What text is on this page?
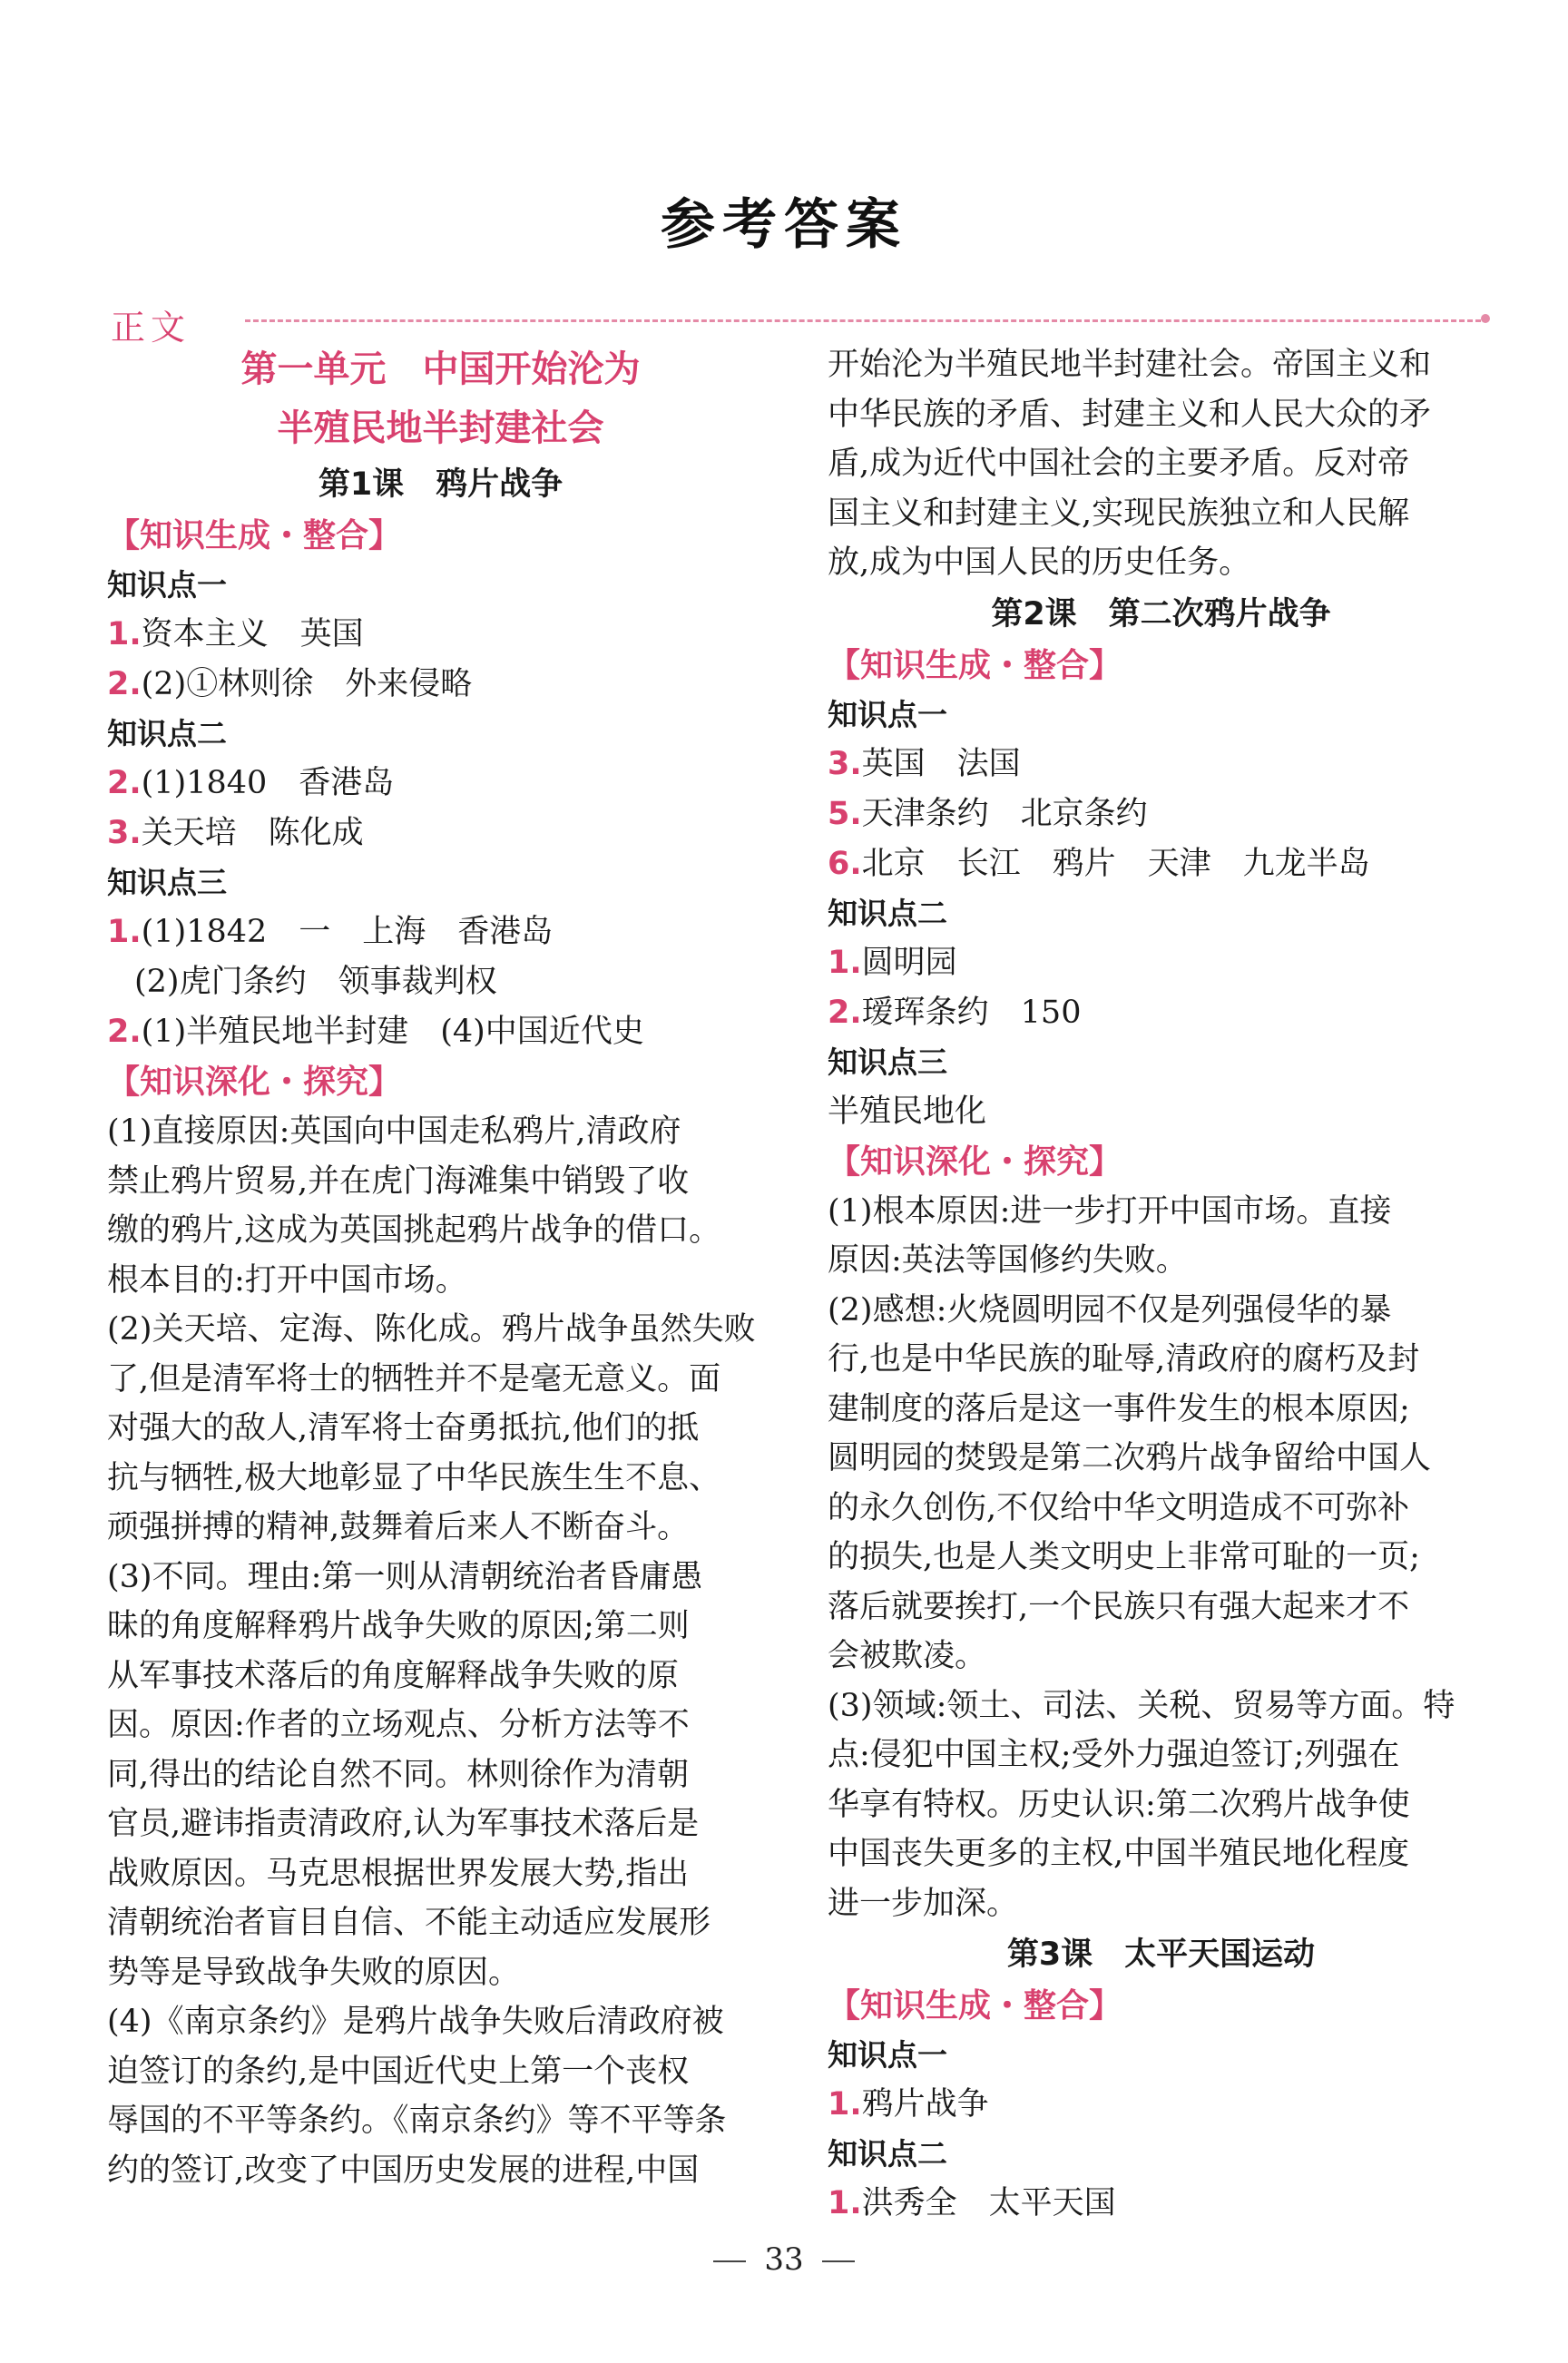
参考答案
正文
第一单元　中国开始沦为
半殖民地半封建社会
第1课　鸦片战争
【知识生成・整合】
知识点一
1.资本主义　英国
2.(2)①林则徐　外来侵略
知识点二
2.(1)1840　香港岛
3.关天培　陈化成
知识点三
1.(1)1842　一　上海　香港岛
(2)虎门条约　领事裁判权
2.(1)半殖民地半封建　(4)中国近代史
【知识深化・探究】
(1)直接原因:英国向中国走私鸦片,清政府
禁止鸦片贸易,并在虎门海滩集中销毁了收
缴的鸦片,这成为英国挑起鸦片战争的借口。
根本目的:打开中国市场。
(2)关天培、定海、陈化成。鸦片战争虽然失败
了,但是清军将士的牺牲并不是毫无意义。面
对强大的敌人,清军将士奋勇抵抗,他们的抵
抗与牺牲,极大地彰显了中华民族生生不息、
顽强拼搏的精神,鼓舞着后来人不断奋斗。
(3)不同。理由:第一则从清朝统治者昏庸愚
昧的角度解释鸦片战争失败的原因;第二则
从军事技术落后的角度解释战争失败的原
因。原因:作者的立场观点、分析方法等不
同,得出的结论自然不同。林则徐作为清朝
官员,避讳指责清政府,认为军事技术落后是
战败原因。马克思根据世界发展大势,指出
清朝统治者盲目自信、不能主动适应发展形
势等是导致战争失败的原因。
(4)《南京条约》是鸦片战争失败后清政府被
迫签订的条约,是中国近代史上第一个丧权
辱国的不平等条约。《南京条约》等不平等条
约的签订,改变了中国历史发展的进程,中国
开始沦为半殖民地半封建社会。帝国主义和
中华民族的矛盾、封建主义和人民大众的矛
盾,成为近代中国社会的主要矛盾。反对帝
国主义和封建主义,实现民族独立和人民解
放,成为中国人民的历史任务。
第2课　第二次鸦片战争
【知识生成・整合】
知识点一
3.英国　法国
5.天津条约　北京条约
6.北京　长江　鸦片　天津　九龙半岛
知识点二
1.圆明园
2.瑷珲条约　150
知识点三
半殖民地化
【知识深化・探究】
(1)根本原因:进一步打开中国市场。直接
原因:英法等国修约失败。
(2)感想:火烧圆明园不仅是列强侵华的暴
行,也是中华民族的耻辱,清政府的腐朽及封
建制度的落后是这一事件发生的根本原因;
圆明园的焚毁是第二次鸦片战争留给中国人
的永久创伤,不仅给中华文明造成不可弥补
的损失,也是人类文明史上非常可耻的一页;
落后就要挨打,一个民族只有强大起来才不
会被欺凌。
(3)领域:领土、司法、关税、贸易等方面。特
点:侵犯中国主权;受外力强迫签订;列强在
华享有特权。历史认识:第二次鸦片战争使
中国丧失更多的主权,中国半殖民地化程度
进一步加深。
第3课　太平天国运动
【知识生成・整合】
知识点一
1.鸦片战争
知识点二
1.洪秀全　太平天国
33
